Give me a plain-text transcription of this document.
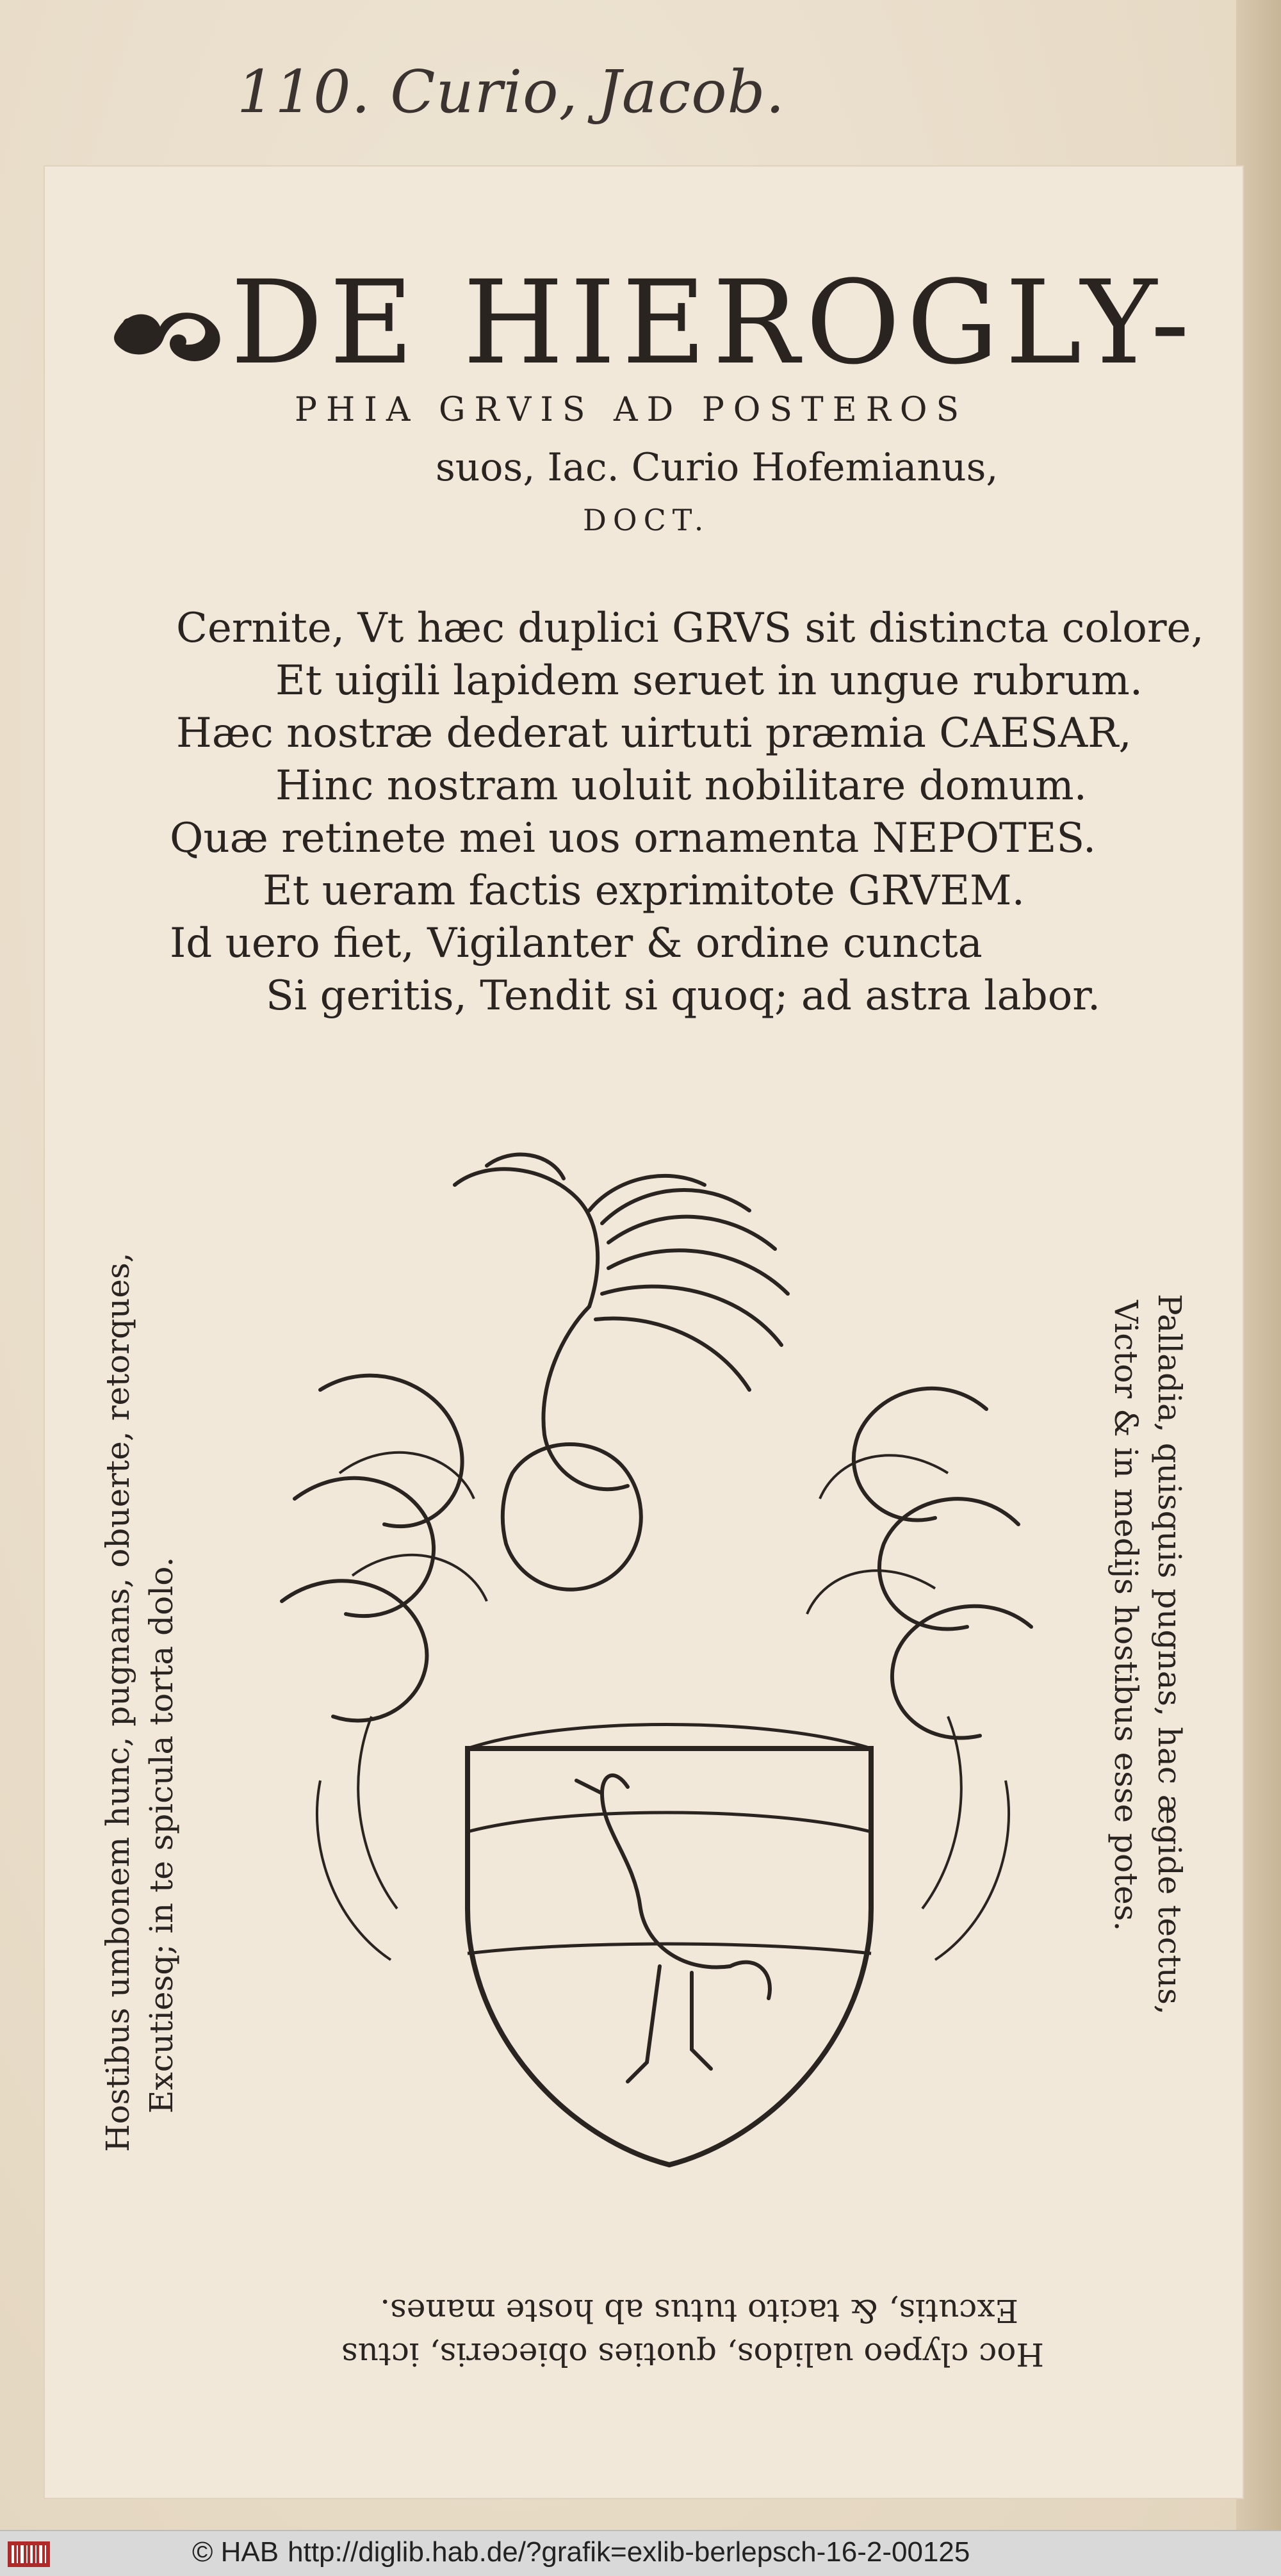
110. Curio, Jacob.
DE HIEROGLY-
PHIA GRVIS AD POSTEROS
suos, Iac. Curio Hofemianus,
DOCT.
Cernite, Vt hæc duplici GRVS sit distincta colore,
Et uigili lapidem seruet in ungue rubrum.
Hæc nostræ dederat uirtuti præmia CAESAR,
Hinc nostram uoluit nobilitare domum.
Quæ retinete mei uos ornamenta NEPOTES.
Et ueram factis exprimitote GRVEM.
Id uero fiet, Vigilanter & ordine cuncta
Si geritis, Tendit si quoq; ad astra labor.
Hostibus umbonem hunc, pugnans, obuerte, retorques, Excutiesq; in te spicula torta dolo.	Palladia, quisquis pugnas, hac ægide tectus,
Victor & in medijs hostibus esse potes.
Hoc clypeo ualidos, quoties obieceris, ictus
Excutis, & tacito tutus ab hoste manes.
© HAB http://diglib.hab.de/?grafik=exlib-berlepsch-16-2-00125
